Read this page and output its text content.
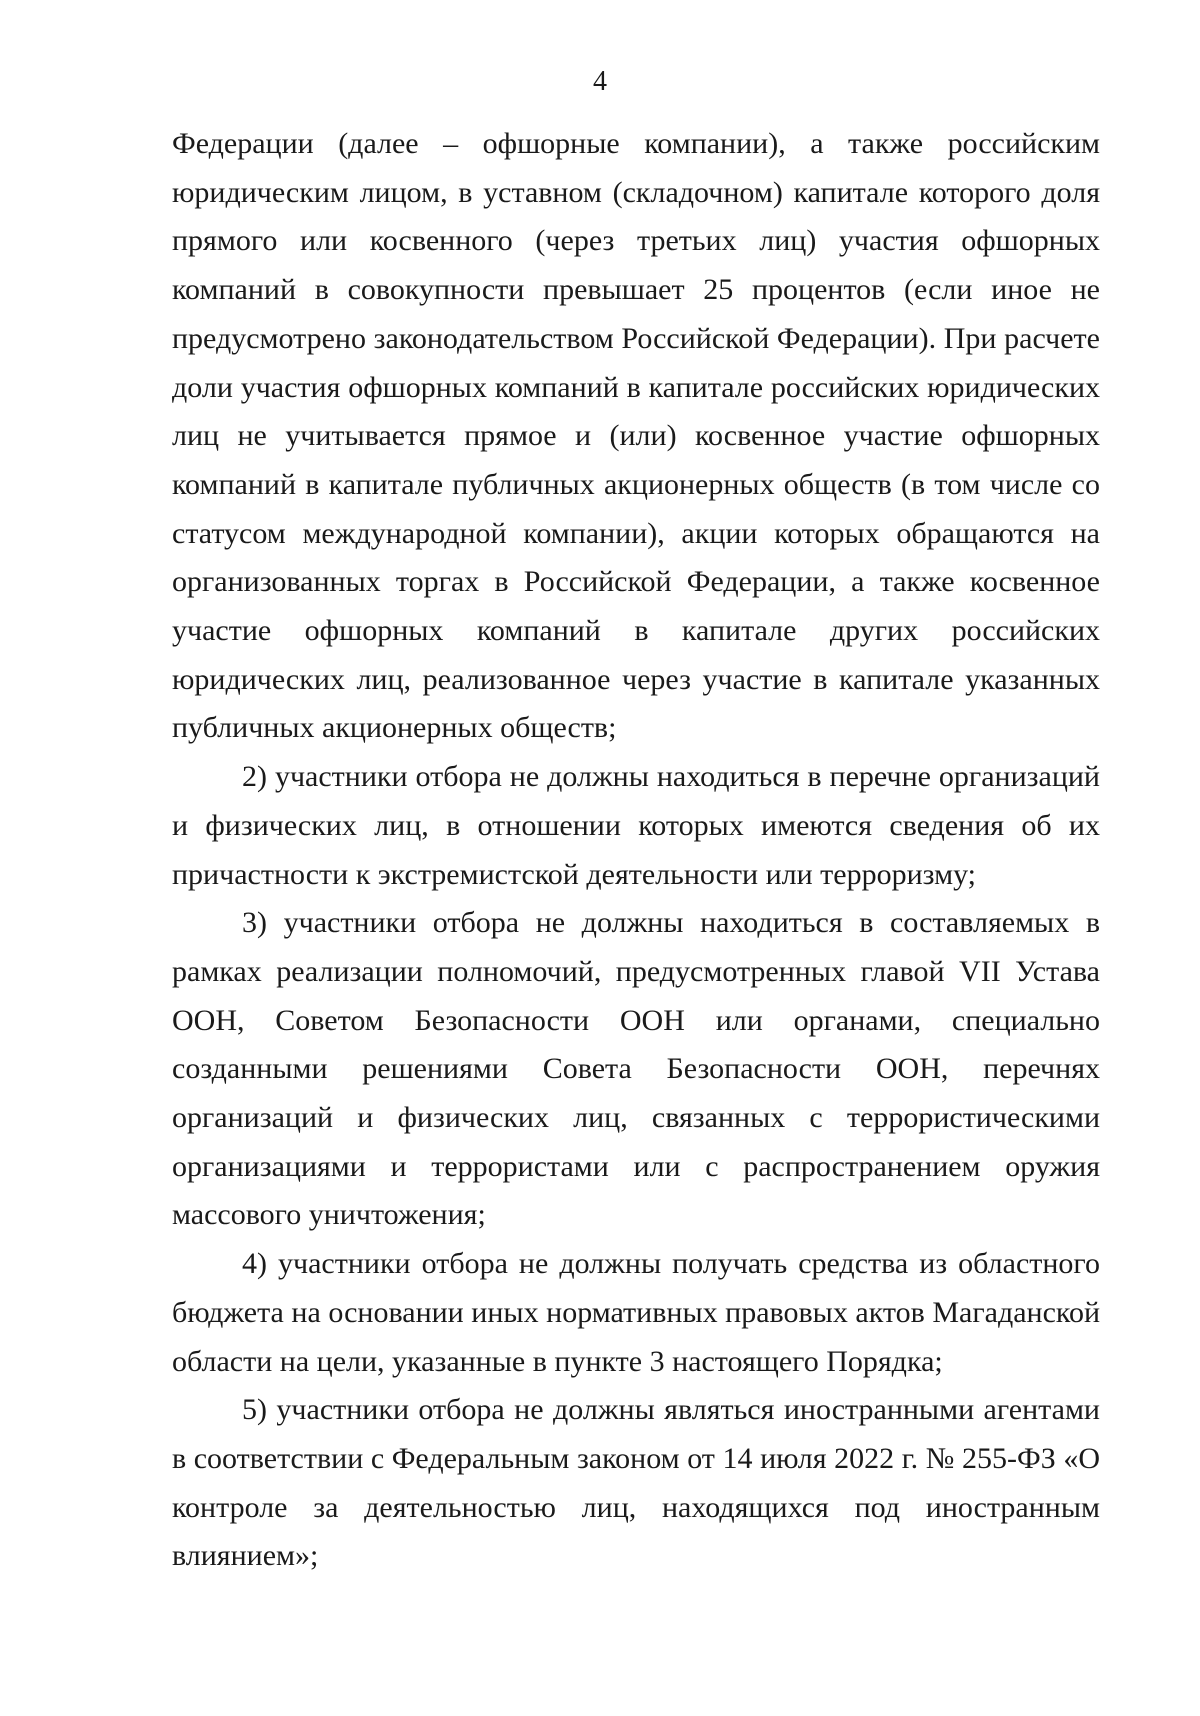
4

Федерации (далее – офшорные компании), а также российским юридическим лицом, в уставном (складочном) капитале которого доля прямого или косвенного (через третьих лиц) участия офшорных компаний в совокупности превышает 25 процентов (если иное не предусмотрено законодательством Российской Федерации). При расчете доли участия офшорных компаний в капитале российских юридических лиц не учитывается прямое и (или) косвенное участие офшорных компаний в капитале публичных акционерных обществ (в том числе со статусом международной компании), акции которых обращаются на организованных торгах в Российской Федерации, а также косвенное участие офшорных компаний в капитале других российских юридических лиц, реализованное через участие в капитале указанных публичных акционерных обществ;

2) участники отбора не должны находиться в перечне организаций и физических лиц, в отношении которых имеются сведения об их причастности к экстремистской деятельности или терроризму;

3) участники отбора не должны находиться в составляемых в рамках реализации полномочий, предусмотренных главой VII Устава ООН, Советом Безопасности ООН или органами, специально созданными решениями Совета Безопасности ООН, перечнях организаций и физических лиц, связанных с террористическими организациями и террористами или с распространением оружия массового уничтожения;

4) участники отбора не должны получать средства из областного бюджета на основании иных нормативных правовых актов Магаданской области на цели, указанные в пункте 3 настоящего Порядка;

5) участники отбора не должны являться иностранными агентами в соответствии с Федеральным законом от 14 июля 2022 г. № 255-ФЗ «О контроле за деятельностью лиц, находящихся под иностранным влиянием»;
